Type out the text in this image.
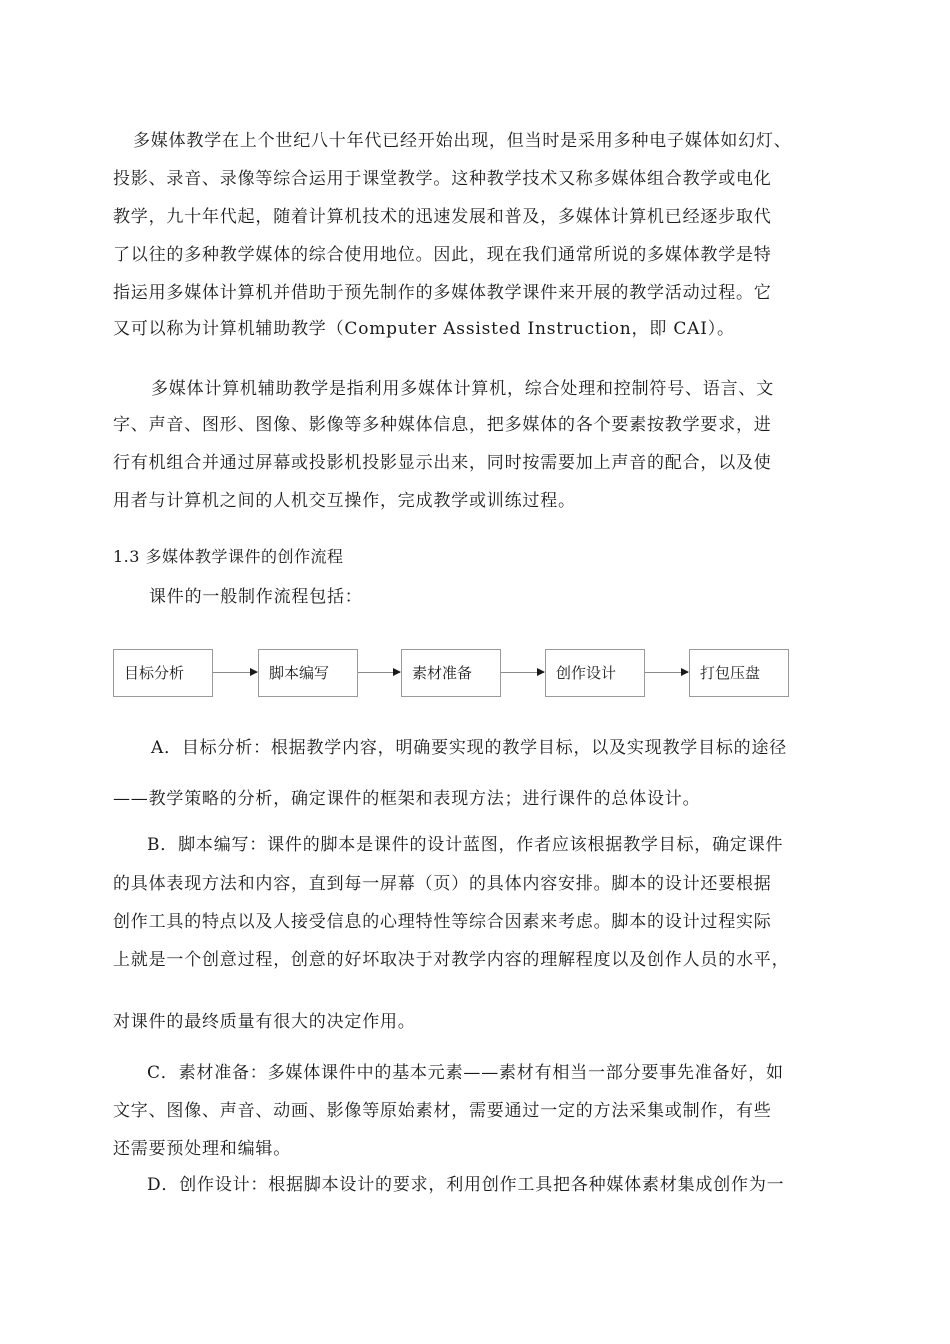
多媒体教学在上个世纪八十年代已经开始出现，但当时是采用多种电子媒体如幻灯、
投影、录音、录像等综合运用于课堂教学。这种教学技术又称多媒体组合教学或电化
教学，九十年代起，随着计算机技术的迅速发展和普及，多媒体计算机已经逐步取代
了以往的多种教学媒体的综合使用地位。因此，现在我们通常所说的多媒体教学是特
指运用多媒体计算机并借助于预先制作的多媒体教学课件来开展的教学活动过程。它
又可以称为计算机辅助教学（Computer Assisted Instruction，即 CAI）。
多媒体计算机辅助教学是指利用多媒体计算机，综合处理和控制符号、语言、文
字、声音、图形、图像、影像等多种媒体信息，把多媒体的各个要素按教学要求，进
行有机组合并通过屏幕或投影机投影显示出来，同时按需要加上声音的配合，以及使
用者与计算机之间的人机交互操作，完成教学或训练过程。
1.3 多媒体教学课件的创作流程
课件的一般制作流程包括：
目标分析	脚本编写	素材准备	创作设计	打包压盘
A．目标分析：根据教学内容，明确要实现的教学目标，以及实现教学目标的途径
——教学策略的分析，确定课件的框架和表现方法；进行课件的总体设计。
B．脚本编写：课件的脚本是课件的设计蓝图，作者应该根据教学目标，确定课件
的具体表现方法和内容，直到每一屏幕（页）的具体内容安排。脚本的设计还要根据
创作工具的特点以及人接受信息的心理特性等综合因素来考虑。脚本的设计过程实际
上就是一个创意过程，创意的好坏取决于对教学内容的理解程度以及创作人员的水平，
对课件的最终质量有很大的决定作用。
C．素材准备：多媒体课件中的基本元素——素材有相当一部分要事先准备好，如
文字、图像、声音、动画、影像等原始素材，需要通过一定的方法采集或制作，有些
还需要预处理和编辑。
D．创作设计：根据脚本设计的要求，利用创作工具把各种媒体素材集成创作为一
